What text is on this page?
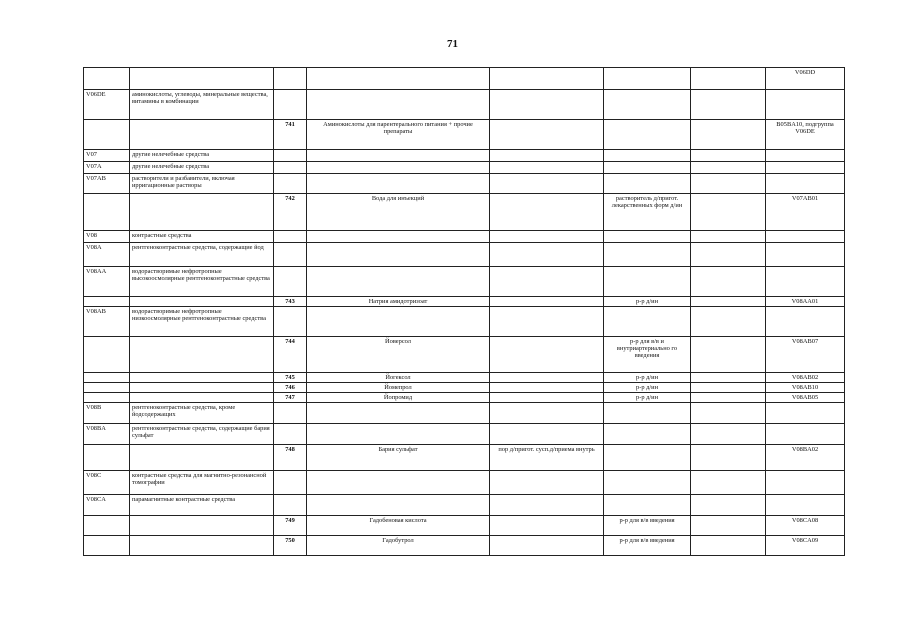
71
							V06DD
V06DE	аминокислоты, углеводы, минеральные вещества, витамины в комбинации						
		741	Аминокислоты для парентерального питания + прочие препараты				B05BA10, подгруппа V06DE
V07	другие нелечебные средства						
V07A	другие нелечебные средства						
V07AB	растворители и разбавители, включая ирригационные растворы						
		742	Вода для инъекций		растворитель д/пригот. лекарственных форм д/ин		V07AB01
V08	контрастные средства						
V08A	рентгеноконтрастные средства, содержащие йод						
V08AA	водорастворимые нефротропные высокоосмолярные рентгеноконтрастные средства						
		743	Натрия амидотризоат		р-р д/ин		V08AA01
V08AB	водорастворимые нефротропные низкоосмолярные рентгеноконтрастные средства						
		744	Йоверсол		р-р для в/в и внутриартериально го введения		V08AB07
		745	Йогексол		р-р д/ин		V08AB02
		746	Йомепрол		р-р д/ин		V08AB10
		747	Йопромид		р-р д/ин		V08AB05
V08B	рентгеноконтрастные средства, кроме йодсодержащих						
V08BA	рентгеноконтрастные средства, содержащие бария сульфат						
		748	Бария сульфат	пор д/пригот. сусп.д/приема внутрь			V08BA02
V08C	контрастные средства для магнитно-резонансной томографии						
V08CA	парамагнитные контрастные средства						
		749	Гадобеновая кислота		р-р для в/в введения		V08CA08
		750	Гадобутрол		р-р для в/в введения		V08CA09
